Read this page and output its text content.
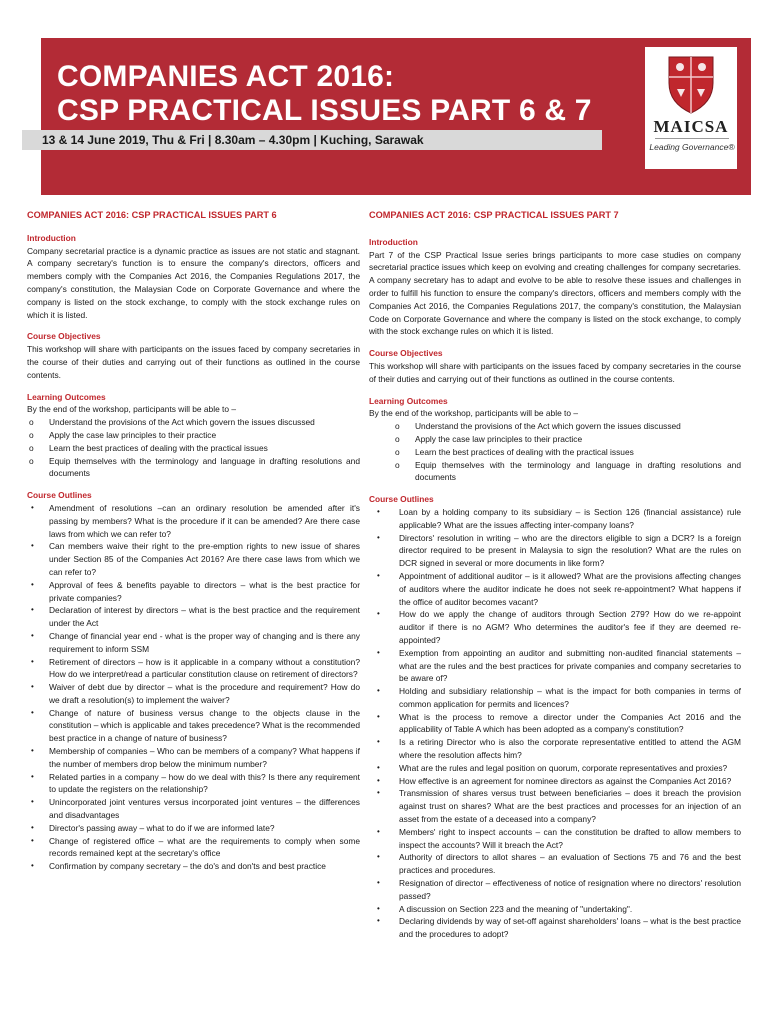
COMPANIES ACT 2016:
CSP PRACTICAL ISSUES PART 6 & 7	MAICSA
Leading Governance®
13 & 14 June 2019, Thu & Fri | 8.30am – 4.30pm | Kuching, Sarawak
COMPANIES ACT 2016: CSP PRACTICAL ISSUES PART 6

Introduction

Company secretarial practice is a dynamic practice as issues are not static and stagnant. A company secretary's function is to ensure the company's directors, officers and members comply with the Companies Act 2016, the Companies Regulations 2017, the company's constitution, the Malaysian Code on Corporate Governance and where the company is listed on the stock exchange, to comply with the stock exchange rules on which it is listed.

Course Objectives

This workshop will share with participants on the issues faced by company secretaries in the course of their duties and carrying out of their functions as outlined in the course contents.

Learning Outcomes

By the end of the workshop, participants will be able to –

o Understand the provisions of the Act which govern the issues discussed
o Apply the case law principles to their practice
o Learn the best practices of dealing with the practical issues
o Equip themselves with the terminology and language in drafting resolutions and documents

Course Outlines

• Amendment of resolutions –can an ordinary resolution be amended after it's passing by members? What is the procedure if it can be amended? Are there case laws from which we can refer to?
• Can members waive their right to the pre-emption rights to new issue of shares under Section 85 of the Companies Act 2016? Are there case laws from which we can refer to?
• Approval of fees & benefits payable to directors – what is the best practice for private companies?
• Declaration of interest by directors – what is the best practice and the requirement under the Act
• Change of financial year end - what is the proper way of changing and is there any requirement to inform SSM
• Retirement of directors – how is it applicable in a company without a constitution? How do we interpret/read a particular constitution clause on retirement of directors?
• Waiver of debt due by director – what is the procedure and requirement? How do we draft a resolution(s) to implement the waiver?
• Change of nature of business versus change to the objects clause in the constitution – which is applicable and takes precedence? What is the recommended best practice in a change of nature of business?
• Membership of companies – Who can be members of a company? What happens if the number of members drop below the minimum number?
• Related parties in a company – how do we deal with this? Is there any requirement to update the registers on the relationship?
• Unincorporated joint ventures versus incorporated joint ventures – the differences and disadvantages
• Director's passing away – what to do if we are informed late?
• Change of registered office – what are the requirements to comply when some records remained kept at the secretary's office
• Confirmation by company secretary – the do's and don'ts and best practice
COMPANIES ACT 2016: CSP PRACTICAL ISSUES PART 7

Introduction

Part 7 of the CSP Practical Issue series brings participants to more case studies on company secretarial practice issues which keep on evolving and creating challenges for company secretaries. A company secretary has to adapt and evolve to be able to resolve these issues and challenges in order to fulfill his function to ensure the company's directors, officers and members comply with the Companies Act 2016, the Companies Regulations 2017, the company's constitution, the Malaysian Code on Corporate Governance and where the company is listed on the stock exchange, to comply with the stock exchange rules on which it is listed.

Course Objectives

This workshop will share with participants on the issues faced by company secretaries in the course of their duties and carrying out of their functions as outlined in the course contents.

Learning Outcomes

By the end of the workshop, participants will be able to –

o Understand the provisions of the Act which govern the issues discussed
o Apply the case law principles to their practice
o Learn the best practices of dealing with the practical issues
o Equip themselves with the terminology and language in drafting resolutions and documents

Course Outlines

• Loan by a holding company to its subsidiary – is Section 126 (financial assistance) rule applicable? What are the issues affecting inter-company loans?
• Directors' resolution in writing – who are the directors eligible to sign a DCR? Is a foreign director required to be present in Malaysia to sign the resolution? What are the rules on DCR signed in several or more documents in like form?
• Appointment of additional auditor – is it allowed? What are the provisions affecting changes of auditors where the auditor indicate he does not seek re-appointment? What happens if the office of auditor becomes vacant?
• How do we apply the change of auditors through Section 279? How do we re-appoint auditor if there is no AGM? Who determines the auditor's fee if they are deemed re-appointed?
• Exemption from appointing an auditor and submitting non-audited financial statements – what are the rules and the best practices for private companies and company secretaries to be aware of?
• Holding and subsidiary relationship – what is the impact for both companies in terms of common application for permits and licences?
• What is the process to remove a director under the Companies Act 2016 and the applicability of Table A which has been adopted as a company's constitution?
• Is a retiring Director who is also the corporate representative entitled to attend the AGM where the resolution affects him?
• What are the rules and legal position on quorum, corporate representatives and proxies?
• How effective is an agreement for nominee directors as against the Companies Act 2016?
• Transmission of shares versus trust between beneficiaries – does it breach the provision against trust on shares? What are the best practices and processes for an injection of an asset from the estate of a deceased into a company?
• Members' right to inspect accounts – can the constitution be drafted to allow members to inspect the accounts? Will it breach the Act?
• Authority of directors to allot shares – an evaluation of Sections 75 and 76 and the best practices and procedures.
• Resignation of director – effectiveness of notice of resignation where no directors' resolution passed?
• A discussion on Section 223 and the meaning of "undertaking".
• Declaring dividends by way of set-off against shareholders' loans – what is the best practice and the procedures to adopt?
